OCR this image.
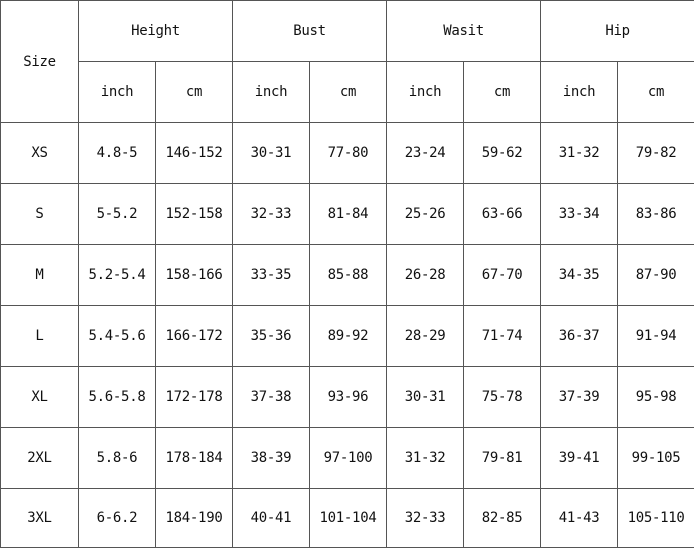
Size	Height		Bust		Wasit		Hip	
	inch	cm	inch	cm	inch	cm	inch	cm
XS	4.8-5	146-152	30-31	77-80	23-24	59-62	31-32	79-82
S	5-5.2	152-158	32-33	81-84	25-26	63-66	33-34	83-86
M	5.2-5.4	158-166	33-35	85-88	26-28	67-70	34-35	87-90
L	5.4-5.6	166-172	35-36	89-92	28-29	71-74	36-37	91-94
XL	5.6-5.8	172-178	37-38	93-96	30-31	75-78	37-39	95-98
2XL	5.8-6	178-184	38-39	97-100	31-32	79-81	39-41	99-105
3XL	6-6.2	184-190	40-41	101-104	32-33	82-85	41-43	105-110
